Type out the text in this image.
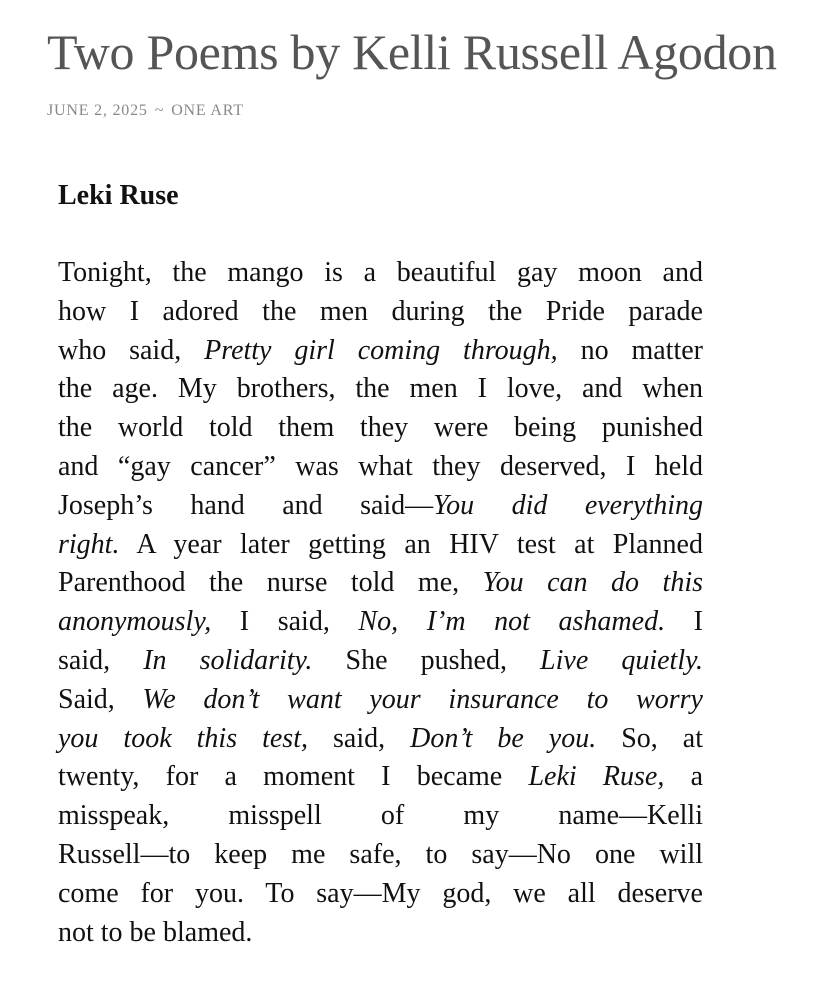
Two Poems by Kelli Russell Agodon
JUNE 2, 2025 ~ ONE ART
Leki Ruse
Tonight, the mango is a beautiful gay moon and
how I adored the men during the Pride parade
who said, Pretty girl coming through, no matter
the age. My brothers, the men I love, and when
the world told them they were being punished
and “gay cancer” was what they deserved, I held
Joseph’s hand and said—You did everything
right. A year later getting an HIV test at Planned
Parenthood the nurse told me, You can do this
anonymously, I said, No, I’m not ashamed. I
said, In solidarity. She pushed, Live quietly.
Said, We don’t want your insurance to worry
you took this test, said, Don’t be you. So, at
twenty, for a moment I became Leki Ruse, a
misspeak, misspell of my name—Kelli
Russell—to keep me safe, to say—No one will
come for you. To say—My god, we all deserve
not to be blamed.
